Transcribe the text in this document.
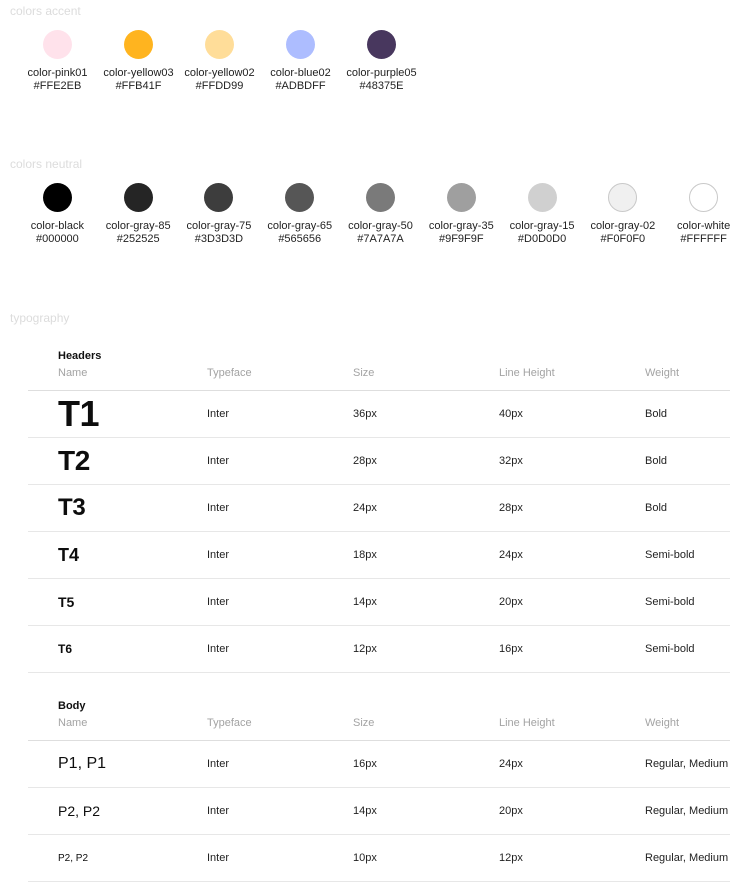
colors accent
color-pink01
#FFE2EB
color-yellow03
#FFB41F
color-yellow02
#FFDD99
color-blue02
#ADBDFF
color-purple05
#48375E
colors neutral
color-black
#000000
color-gray-85
#252525
color-gray-75
#3D3D3D
color-gray-65
#565656
color-gray-50
#7A7A7A
color-gray-35
#9F9F9F
color-gray-15
#D0D0D0
color-gray-02
#F0F0F0
color-white
#FFFFFF
typography
Headers
Name	Typeface	Size	Line Height	Weight
T1	Inter	36px	40px	Bold
T2	Inter	28px	32px	Bold
T3	Inter	24px	28px	Bold
T4	Inter	18px	24px	Semi-bold
T5	Inter	14px	20px	Semi-bold
T6	Inter	12px	16px	Semi-bold
Body
Name	Typeface	Size	Line Height	Weight
P1, P1	Inter	16px	24px	Regular, Medium
P2, P2	Inter	14px	20px	Regular, Medium
P2, P2	Inter	10px	12px	Regular, Medium
